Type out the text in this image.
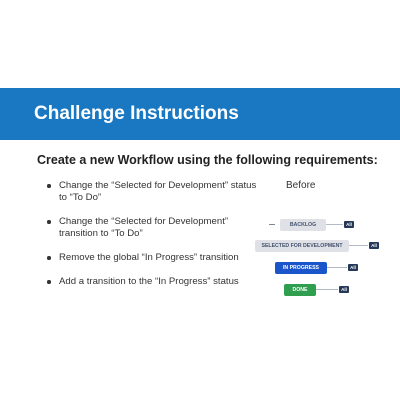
Challenge Instructions
Create a new Workflow using the following requirements:
Change the “Selected for Development” status to “To Do”
Change the “Selected for Development” transition to “To Do”
Remove the global “In Progress” transition
Add a transition to the “In Progress” status
Before
BACKLOG	All
SELECTED FOR DEVELOPMENT	All
IN PROGRESS	All
DONE	All
